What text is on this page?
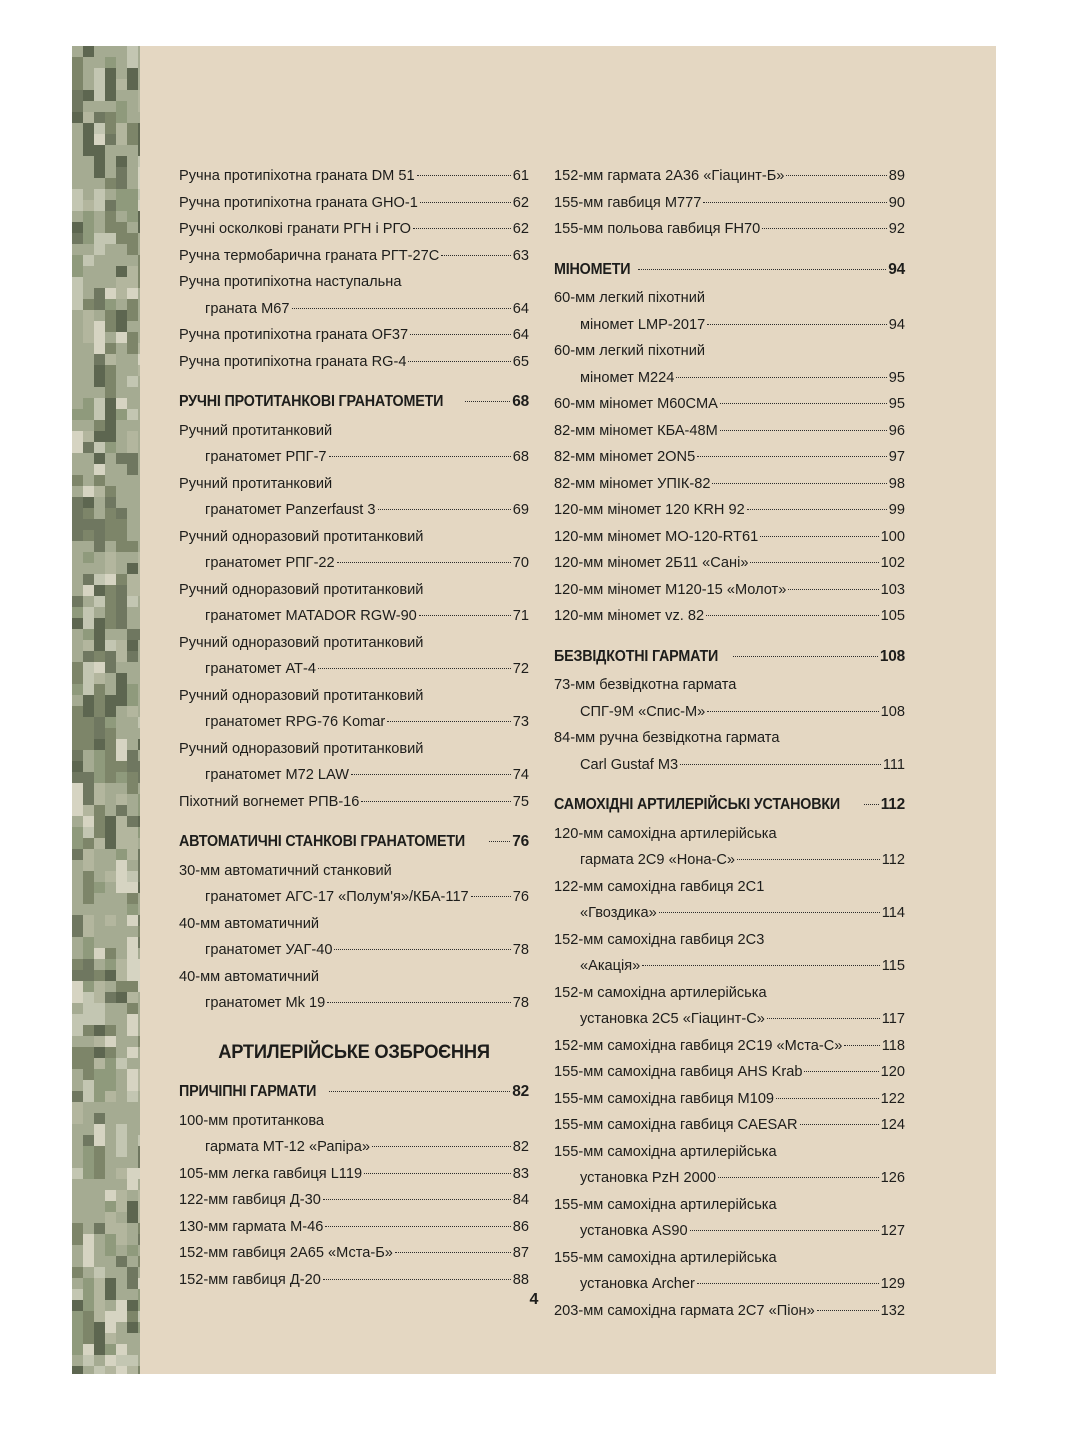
Ручна протипіхотна граната DM 51	61
Ручна протипіхотна граната GHO-1	62
Ручні осколкові гранати РГН і РГО	62
Ручна термобарична граната РГТ-27С	63
Ручна протипіхотна наступальна
граната М67	64
Ручна протипіхотна граната OF37	64
Ручна протипіхотна граната RG-4	65
РУЧНІ ПРОТИТАНКОВІ ГРАНАТОМЕТИ	68
Ручний протитанковий
гранатомет РПГ-7	68
Ручний протитанковий
гранатомет Panzerfaust 3	69
Ручний одноразовий протитанковий
гранатомет РПГ-22	70
Ручний одноразовий протитанковий
гранатомет MATADOR RGW-90	71
Ручний одноразовий протитанковий
гранатомет АТ-4	72
Ручний одноразовий протитанковий
гранатомет RPG-76 Komar	73
Ручний одноразовий протитанковий
гранатомет M72 LAW	74
Піхотний вогнемет РПВ-16	75
АВТОМАТИЧНІ СТАНКОВІ ГРАНАТОМЕТИ	76
30-мм автоматичний станковий
гранатомет АГС-17 «Полум'я»/КБА-117	76
40-мм автоматичний
гранатомет УАГ-40	78
40-мм автоматичний
гранатомет Mk 19	78
АРТИЛЕРІЙСЬКЕ ОЗБРОЄННЯ
ПРИЧІПНІ ГАРМАТИ	82
100-мм протитанкова
гармата МТ-12 «Рапіра»	82
105-мм легка гавбиця L119	83
122-мм гавбиця Д-30	84
130-мм гармата М-46	86
152-мм гавбиця 2А65 «Мста-Б»	87
152-мм гавбиця Д-20	88
152-мм гармата 2А36 «Гіацинт-Б»	89
155-мм гавбиця M777	90
155-мм польова гавбиця FH70	92
МІНОМЕТИ	94
60-мм легкий піхотний
міномет LMP-2017	94
60-мм легкий піхотний
міномет M224	95
60-мм міномет M60CMA	95
82-мм міномет КБА-48М	96
82-мм міномет 2ON5	97
82-мм міномет УПІК-82	98
120-мм міномет 120 KRH 92	99
120-мм міномет МО-120-RT61	100
120-мм міномет 2Б11 «Сані»	102
120-мм міномет М120-15 «Молот»	103
120-мм міномет vz. 82	105
БЕЗВІДКОТНІ ГАРМАТИ	108
73-мм безвідкотна гармата
СПГ-9М «Спис-М»	108
84-мм ручна безвідкотна гармата
Carl Gustaf M3	111
САМОХІДНІ АРТИЛЕРІЙСЬКІ УСТАНОВКИ	112
120-мм самохідна артилерійська
гармата 2С9 «Нона-С»	112
122-мм самохідна гавбиця 2С1
«Гвоздика»	114
152-мм самохідна гавбиця 2С3
«Акація»	115
152-м самохідна артилерійська
установка 2С5 «Гіацинт-С»	117
152-мм самохідна гавбиця 2С19 «Мста-С»	118
155-мм самохідна гавбиця AHS Krab	120
155-мм самохідна гавбиця M109	122
155-мм самохідна гавбиця CAESAR	124
155-мм самохідна артилерійська
установка PzH 2000	126
155-мм самохідна артилерійська
установка AS90	127
155-мм самохідна артилерійська
установка Archer	129
203-мм самохідна гармата 2С7 «Піон»	132
4
